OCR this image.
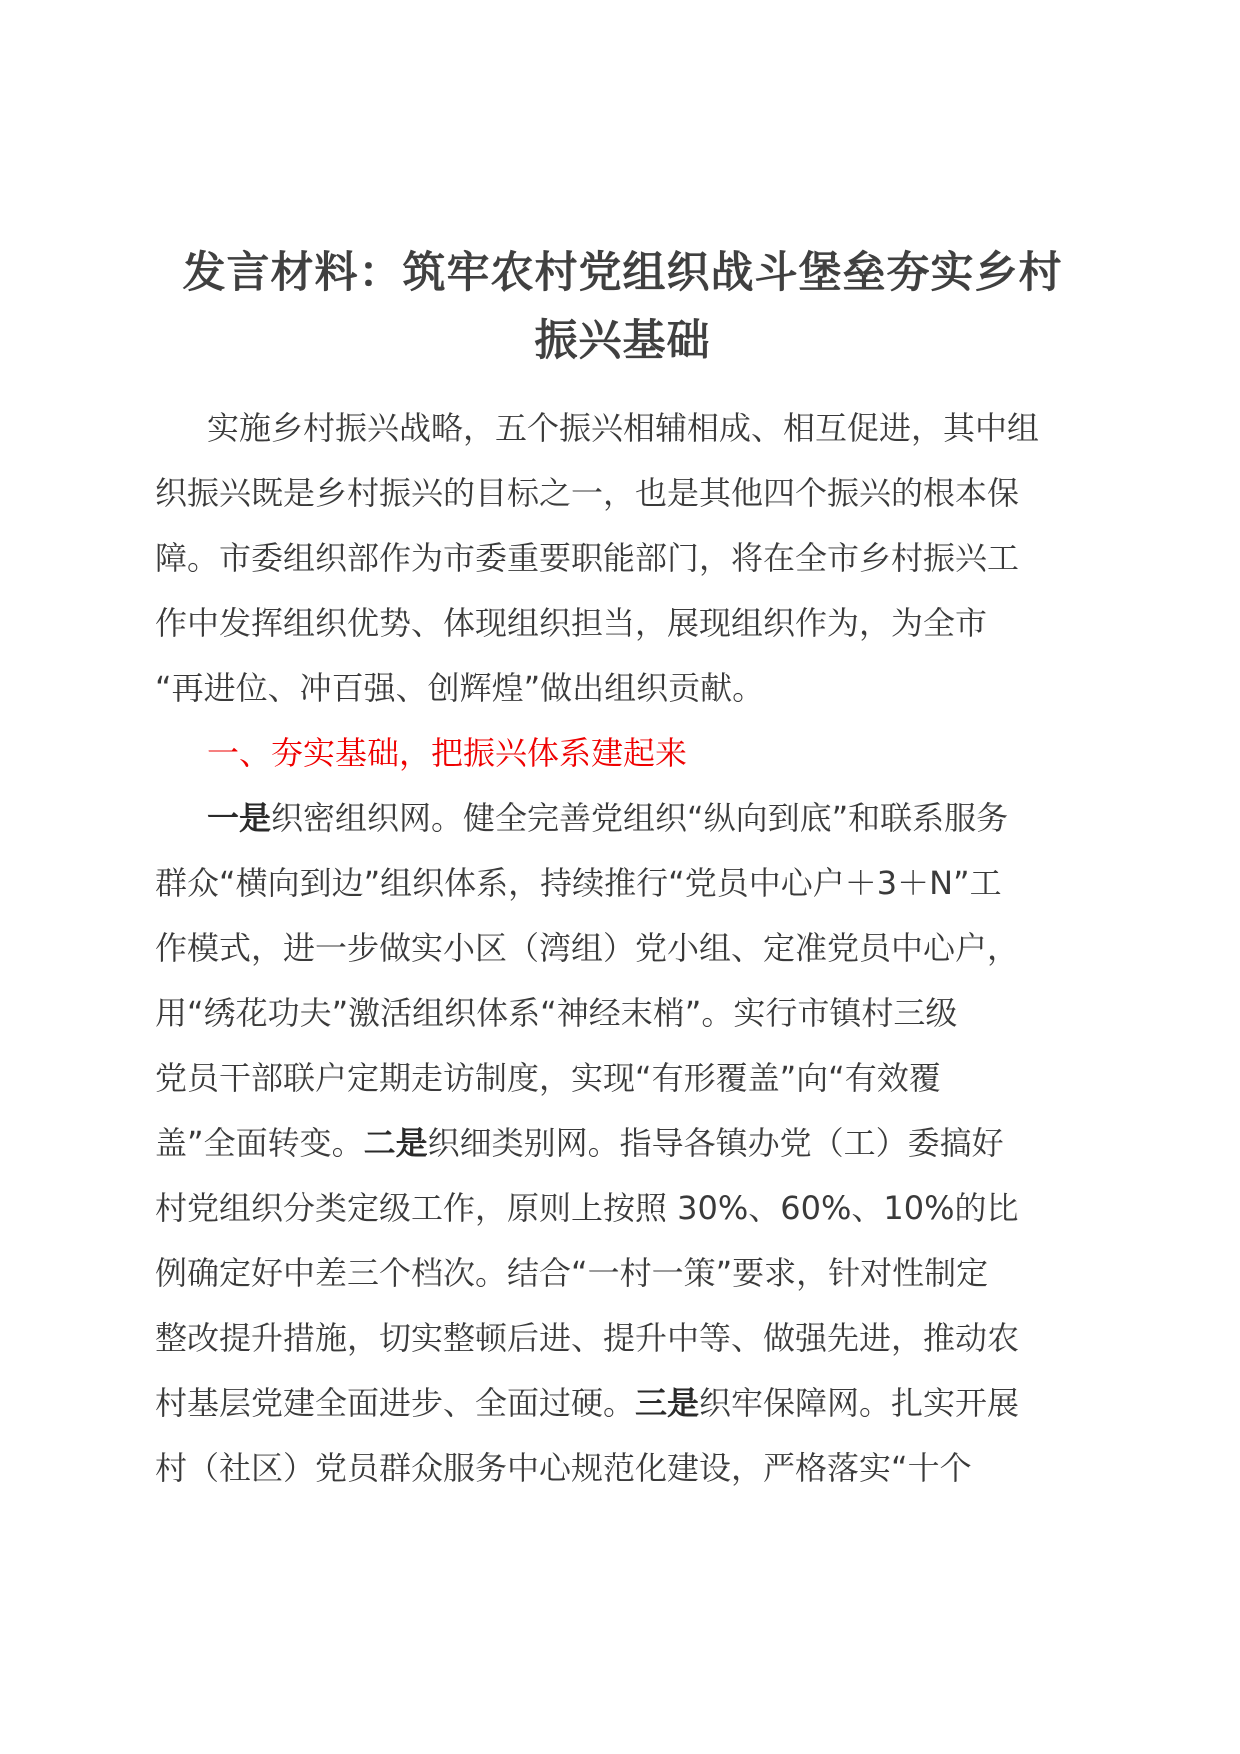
发言材料：筑牢农村党组织战斗堡垒夯实乡村
振兴基础
实施乡村振兴战略，五个振兴相辅相成、相互促进，其中组
织振兴既是乡村振兴的目标之一，也是其他四个振兴的根本保
障。市委组织部作为市委重要职能部门，将在全市乡村振兴工
作中发挥组织优势、体现组织担当，展现组织作为，为全市
“再进位、冲百强、创辉煌”做出组织贡献。
一、夯实基础，把振兴体系建起来
一是织密组织网。健全完善党组织“纵向到底”和联系服务
群众“横向到边”组织体系，持续推行“党员中心户＋3＋N”工
作模式，进一步做实小区（湾组）党小组、定准党员中心户，
用“绣花功夫”激活组织体系“神经末梢”。实行市镇村三级
党员干部联户定期走访制度，实现“有形覆盖”向“有效覆
盖”全面转变。二是织细类别网。指导各镇办党（工）委搞好
村党组织分类定级工作，原则上按照 30%、60%、10%的比
例确定好中差三个档次。结合“一村一策”要求，针对性制定
整改提升措施，切实整顿后进、提升中等、做强先进，推动农
村基层党建全面进步、全面过硬。三是织牢保障网。扎实开展
村（社区）党员群众服务中心规范化建设，严格落实“十个
